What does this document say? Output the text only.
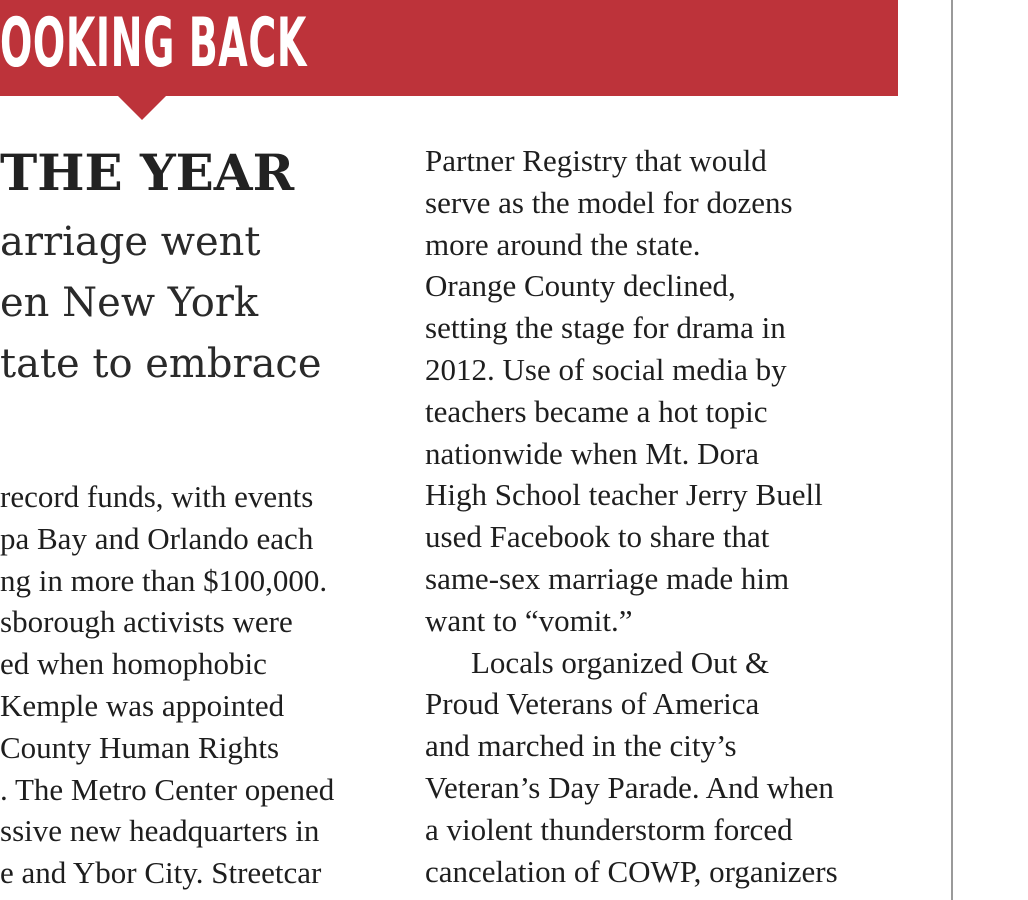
OOKING BACK
THE YEAR
arriage went
en New York
tate to embrace
record funds, with events
pa Bay and Orlando each
ng in more than $100,000.
sborough activists were
ed when homophobic
Kemple was appointed
County Human Rights
. The Metro Center opened
ssive new headquarters in
e and Ybor City. Streetcar
Partner Registry that would
serve as the model for dozens
more around the state.
Orange County declined,
setting the stage for drama in
2012. Use of social media by
teachers became a hot topic
nationwide when Mt. Dora
High School teacher Jerry Buell
used Facebook to share that
same-sex marriage made him
want to “vomit.”
Locals organized Out &
Proud Veterans of America
and marched in the city’s
Veteran’s Day Parade. And when
a violent thunderstorm forced
cancelation of COWP, organizers
